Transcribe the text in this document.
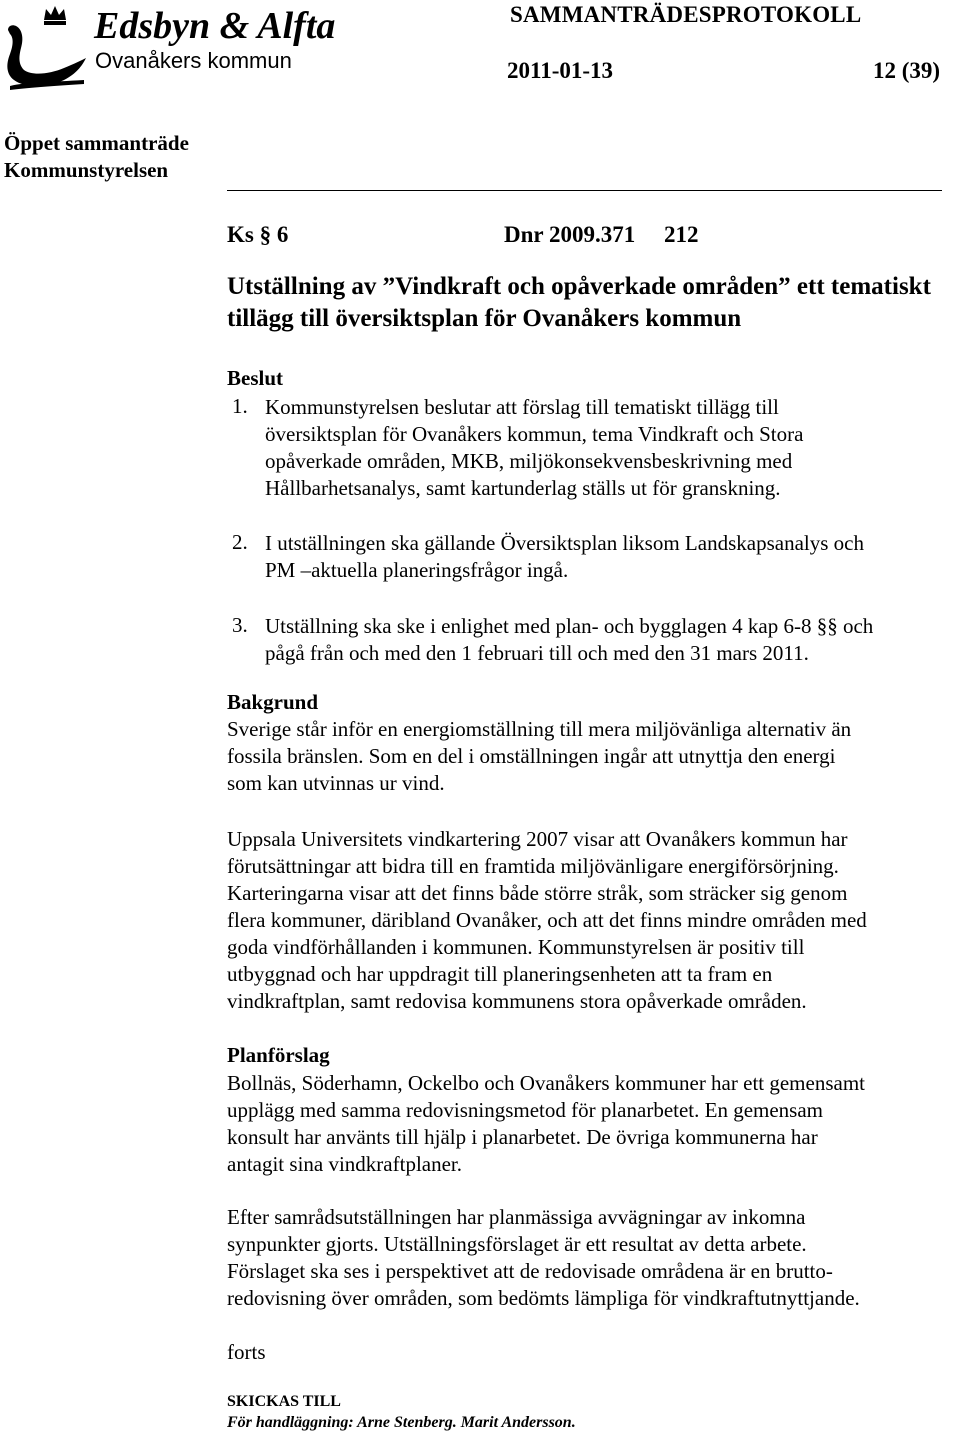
Edsbyn & Alfta
Ovanåkers kommun
SAMMANTRÄDESPROTOKOLL
2011-01-13	12 (39)
Öppet sammanträde
Kommunstyrelsen
Ks § 6	Dnr 2009.371     212
Utställning av ”Vindkraft och opåverkade områden” ett tematiskt tillägg till översiktsplan för Ovanåkers kommun
Beslut
1. Kommunstyrelsen beslutar att förslag till tematiskt tillägg till
översiktsplan för Ovanåkers kommun, tema Vindkraft och Stora
opåverkade områden, MKB, miljökonsekvensbeskrivning med
Hållbarhetsanalys, samt kartunderlag ställs ut för granskning.
2. I utställningen ska gällande Översiktsplan liksom Landskapsanalys och
PM –aktuella planeringsfrågor ingå.
3. Utställning ska ske i enlighet med plan- och bygglagen 4 kap 6-8 §§ och
pågå från och med den 1 februari till och med den 31 mars 2011.
Bakgrund
Sverige står inför en energiomställning till mera miljövänliga alternativ än
fossila bränslen. Som en del i omställningen ingår att utnyttja den energi
som kan utvinnas ur vind.
Uppsala Universitets vindkartering 2007 visar att Ovanåkers kommun har
förutsättningar att bidra till en framtida miljövänligare energiförsörjning.
Karteringarna visar att det finns både större stråk, som sträcker sig genom
flera kommuner, däribland Ovanåker, och att det finns mindre områden med
goda vindförhållanden i kommunen. Kommunstyrelsen är positiv till
utbyggnad och har uppdragit till planeringsenheten att ta fram en
vindkraftplan, samt redovisa kommunens stora opåverkade områden.
Planförslag
Bollnäs, Söderhamn, Ockelbo och Ovanåkers kommuner har ett gemensamt
upplägg med samma redovisningsmetod för planarbetet. En gemensam
konsult har använts till hjälp i planarbetet. De övriga kommunerna har
antagit sina vindkraftplaner.
Efter samrådsutställningen har planmässiga avvägningar av inkomna
synpunkter gjorts. Utställningsförslaget är ett resultat av detta arbete.
Förslaget ska ses i perspektivet att de redovisade områdena är en brutto-
redovisning över områden, som bedömts lämpliga för vindkraftutnyttjande.
forts
SKICKAS TILL
För handläggning: Arne Stenberg. Marit Andersson.
